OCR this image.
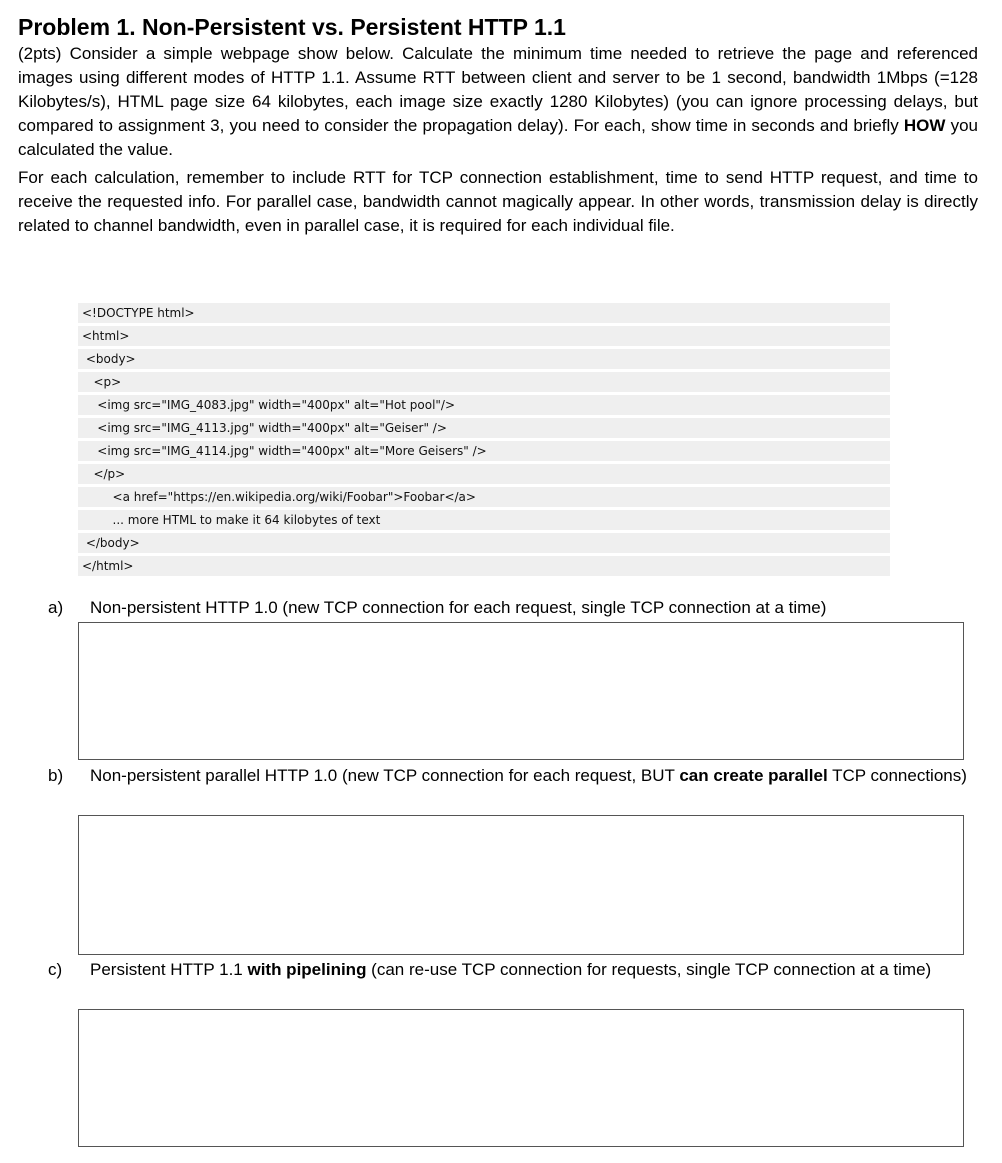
Problem 1. Non-Persistent vs. Persistent HTTP 1.1

(2pts) Consider a simple webpage show below. Calculate the minimum time needed to retrieve the page and referenced images using different modes of HTTP 1.1. Assume RTT between client and server to be 1 second, bandwidth 1Mbps (=128 Kilobytes/s), HTML page size 64 kilobytes, each image size exactly 1280 Kilobytes) (you can ignore processing delays, but compared to assignment 3, you need to consider the propagation delay). For each, show time in seconds and briefly HOW you calculated the value.

For each calculation, remember to include RTT for TCP connection establishment, time to send HTTP request, and time to receive the requested info. For parallel case, bandwidth cannot magically appear. In other words, transmission delay is directly related to channel bandwidth, even in parallel case, it is required for each individual file.

<!DOCTYPE html>
<html>
<body>
<p>
<img src="IMG_4083.jpg" width="400px" alt="Hot pool"/>
<img src="IMG_4113.jpg" width="400px" alt="Geiser" />
<img src="IMG_4114.jpg" width="400px" alt="More Geisers" />
</p>
<a href="https://en.wikipedia.org/wiki/Foobar">Foobar</a>
... more HTML to make it 64 kilobytes of text
</body>
</html>
a)	Non-persistent HTTP 1.0 (new TCP connection for each request, single TCP connection at a time)
b)	Non-persistent parallel HTTP 1.0 (new TCP connection for each request, BUT can create parallel TCP connections)
c)	Persistent HTTP 1.1 with pipelining (can re-use TCP connection for requests, single TCP connection at a time)
